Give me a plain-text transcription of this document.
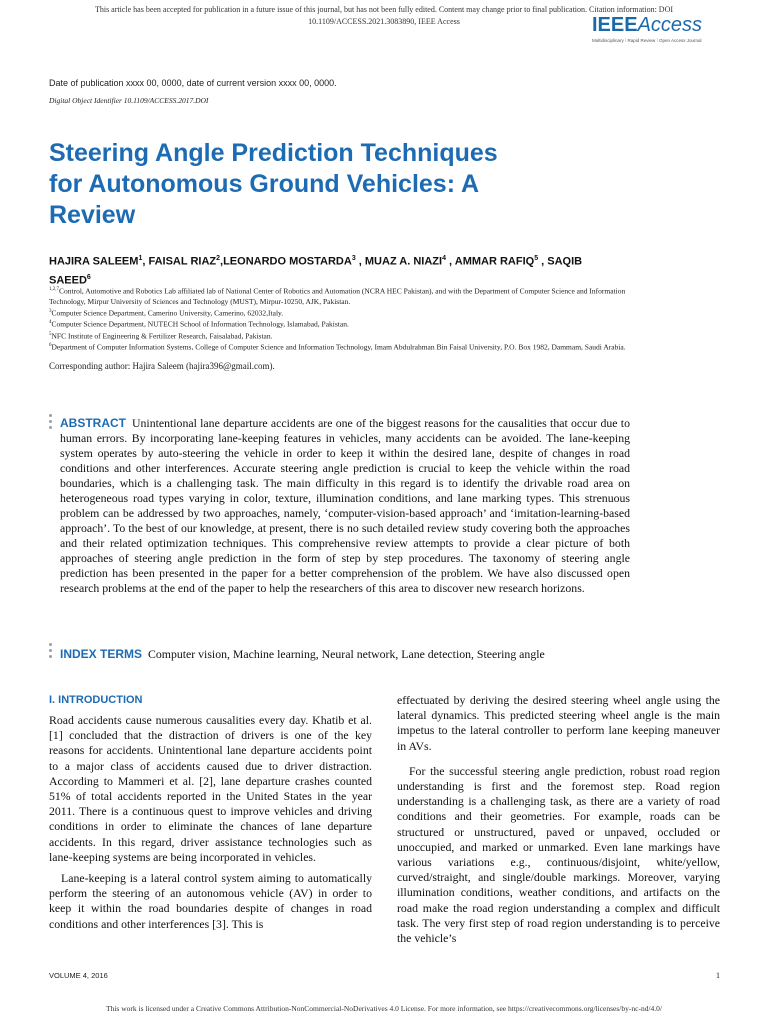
This article has been accepted for publication in a future issue of this journal, but has not been fully edited. Content may change prior to final publication. Citation information: DOI
10.1109/ACCESS.2021.3083890, IEEE Access	IEEEAccess
Multidisciplinary ⁞ Rapid Review ⁞ Open Access Journal
Date of publication xxxx 00, 0000, date of current version xxxx 00, 0000.
Digital Object Identifier 10.1109/ACCESS.2017.DOI
Steering Angle Prediction Techniques
for Autonomous Ground Vehicles: A
Review
HAJIRA SALEEM$^1$, FAISAL RIAZ$^2$,LEONARDO MOSTARDA$^3$ , MUAZ A. NIAZI$^4$ , AMMAR RAFIQ$^5$ , SAQIB SAEED$^6$

$^{1,2,7}$Control, Automotive and Robotics Lab affiliated lab of National Center of Robotics and Automation (NCRA HEC Pakistan), and with the Department of Computer Science and Information Technology, Mirpur University of Sciences and Technology (MUST), Mirpur-10250, AJK, Pakistan.

$^3$Computer Science Department, Camerino University, Camerino, 62032,Italy.

$^4$Computer Science Department, NUTECH School of Information Technology, Islamabad, Pakistan.

$^5$NFC Institute of Engineering & Fertilizer Research, Faisalabad, Pakistan.

$^6$Department of Computer Information Systems, College of Computer Science and Information Technology, Imam Abdulrahman Bin Faisal University, P.O. Box 1982, Dammam, Saudi Arabia.

Corresponding author: Hajira Saleem (hajira396@gmail.com).

ABSTRACT Unintentional lane departure accidents are one of the biggest reasons for the causalities that occur due to human errors. By incorporating lane-keeping features in vehicles, many accidents can be avoided. The lane-keeping system operates by auto-steering the vehicle in order to keep it within the desired lane, despite of changes in road conditions and other interferences. Accurate steering angle prediction is crucial to keep the vehicle within the road boundaries, which is a challenging task. The main difficulty in this regard is to identify the drivable road area on heterogeneous road types varying in color, texture, illumination conditions, and lane marking types. This strenuous problem can be addressed by two approaches, namely, ‘computer-vision-based approach’ and ‘imitation-learning-based approach’. To the best of our knowledge, at present, there is no such detailed review study covering both the approaches and their related optimization techniques. This comprehensive review attempts to provide a clear picture of both approaches of steering angle prediction in the form of step by step procedures. The taxonomy of steering angle prediction has been presented in the paper for a better comprehension of the problem. We have also discussed open research problems at the end of the paper to help the researchers of this area to discover new research horizons.

INDEX TERMS Computer vision, Machine learning, Neural network, Lane detection, Steering angle

I. INTRODUCTION

Road accidents cause numerous causalities every day. Khatib et al. [1] concluded that the distraction of drivers is one of the key reasons for accidents. Unintentional lane departure accidents point to a major class of accidents caused due to driver distraction. According to Mammeri et al. [2], lane departure crashes counted 51% of total accidents reported in the United States in the year 2011. There is a continuous quest to improve vehicles and driving conditions in order to eliminate the chances of lane departure accidents. In this regard, driver assistance technologies such as lane-keeping systems are being incorporated in vehicles.

Lane-keeping is a lateral control system aiming to automatically perform the steering of an autonomous vehicle (AV) in order to keep it within the road boundaries despite of changes in road conditions and other interferences [3]. This is

effectuated by deriving the desired steering wheel angle using the lateral dynamics. This predicted steering wheel angle is the main impetus to the lateral controller to perform lane keeping maneuver in AVs.

For the successful steering angle prediction, robust road region understanding is first and the foremost step. Road region understanding is a challenging task, as there are a variety of road conditions and their geometries. For example, roads can be structured or unstructured, paved or unpaved, occluded or unoccupied, and marked or unmarked. Even lane markings have various variations e.g., continuous/disjoint, white/yellow, curved/straight, and single/double markings. Moreover, varying illumination conditions, weather conditions, and artifacts on the road make the road region understanding a complex and difficult task. The very first step of road region understanding is to perceive the vehicle’s

VOLUME 4, 2016	1
This work is licensed under a Creative Commons Attribution-NonCommercial-NoDerivatives 4.0 License. For more information, see https://creativecommons.org/licenses/by-nc-nd/4.0/
